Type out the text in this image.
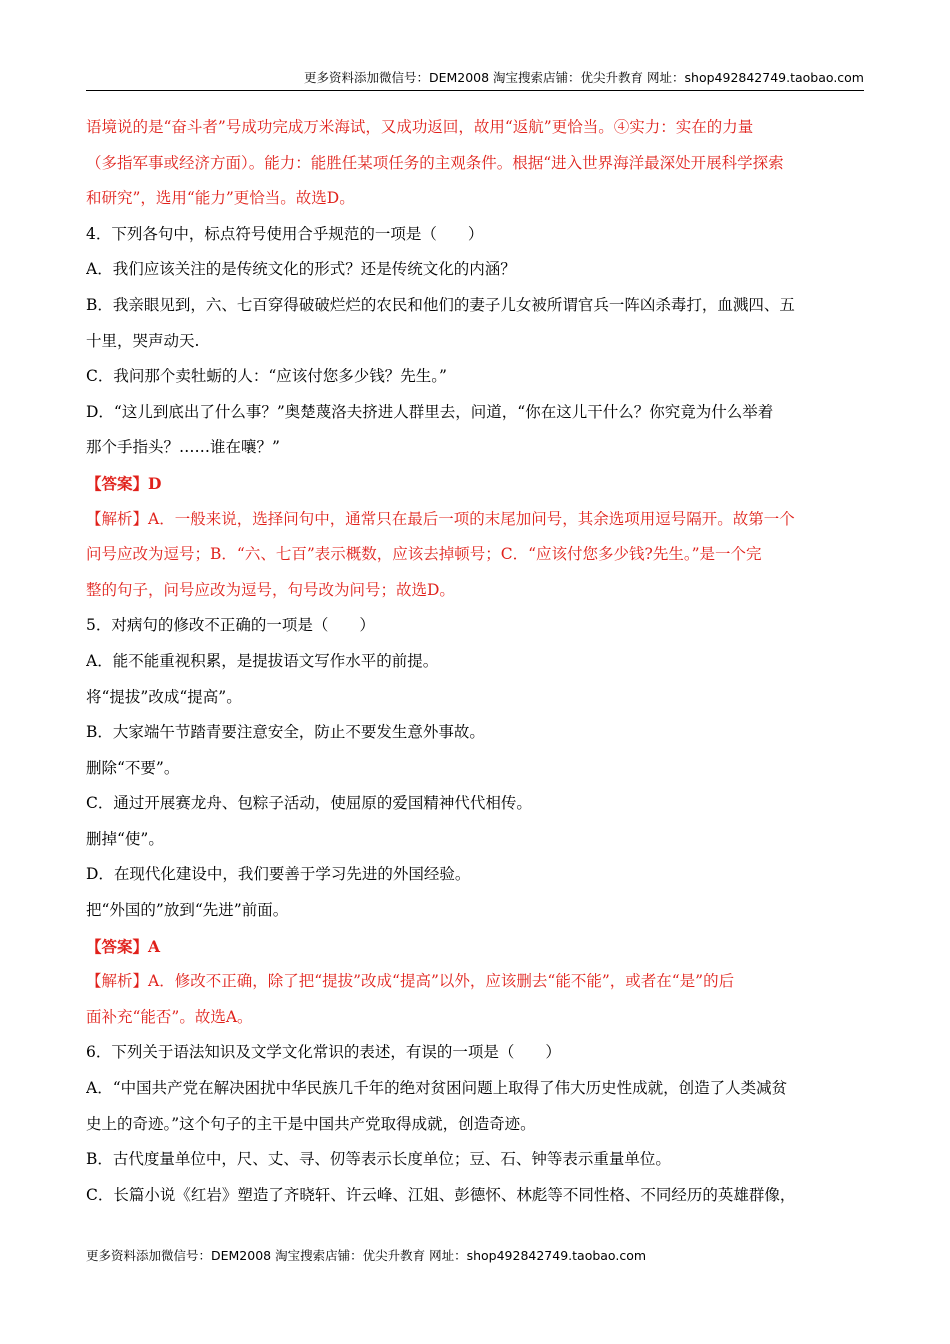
更多资料添加微信号：DEM2008 淘宝搜索店铺：优尖升教育 网址：shop492842749.taobao.com
语境说的是“奋斗者”号成功完成万米海试，又成功返回，故用“返航”更恰当。④实力：实在的力量
（多指军事或经济方面）。能力：能胜任某项任务的主观条件。根据“进入世界海洋最深处开展科学探索
和研究”，选用“能力”更恰当。故选D。
4．下列各句中，标点符号使用合乎规范的一项是（　　）
A．我们应该关注的是传统文化的形式？还是传统文化的内涵？
B．我亲眼见到，六、七百穿得破破烂烂的农民和他们的妻子儿女被所谓官兵一阵凶杀毒打，血溅四、五
十里，哭声动天.
C．我问那个卖牡蛎的人：“应该付您多少钱？先生。”
D．“这儿到底出了什么事？”奥楚蔑洛夫挤进人群里去，问道，“你在这儿干什么？你究竟为什么举着
那个手指头？……谁在嚷？”
【答案】D
【解析】A．一般来说，选择问句中，通常只在最后一项的末尾加问号，其余选项用逗号隔开。故第一个
问号应改为逗号；B．“六、七百”表示概数，应该去掉顿号；C．“应该付您多少钱?先生。”是一个完
整的句子，问号应改为逗号，句号改为问号；故选D。
5．对病句的修改不正确的一项是（　　）
A．能不能重视积累，是提拔语文写作水平的前提。
将“提拔”改成“提高”。
B．大家端午节踏青要注意安全，防止不要发生意外事故。
删除“不要”。
C．通过开展赛龙舟、包粽子活动，使屈原的爱国精神代代相传。
删掉“使”。
D．在现代化建设中，我们要善于学习先进的外国经验。
把“外国的”放到“先进”前面。
【答案】A
【解析】A．修改不正确，除了把“提拔”改成“提高”以外，应该删去“能不能”，或者在“是”的后
面补充“能否”。故选A。
6．下列关于语法知识及文学文化常识的表述，有误的一项是（　　）
A．“中国共产党在解决困扰中华民族几千年的绝对贫困问题上取得了伟大历史性成就，创造了人类减贫
史上的奇迹。”这个句子的主干是中国共产党取得成就，创造奇迹。
B．古代度量单位中，尺、丈、寻、仞等表示长度单位；豆、石、钟等表示重量单位。
C．长篇小说《红岩》塑造了齐晓轩、许云峰、江姐、彭德怀、林彪等不同性格、不同经历的英雄群像，
更多资料添加微信号：DEM2008 淘宝搜索店铺：优尖升教育 网址：shop492842749.taobao.com
